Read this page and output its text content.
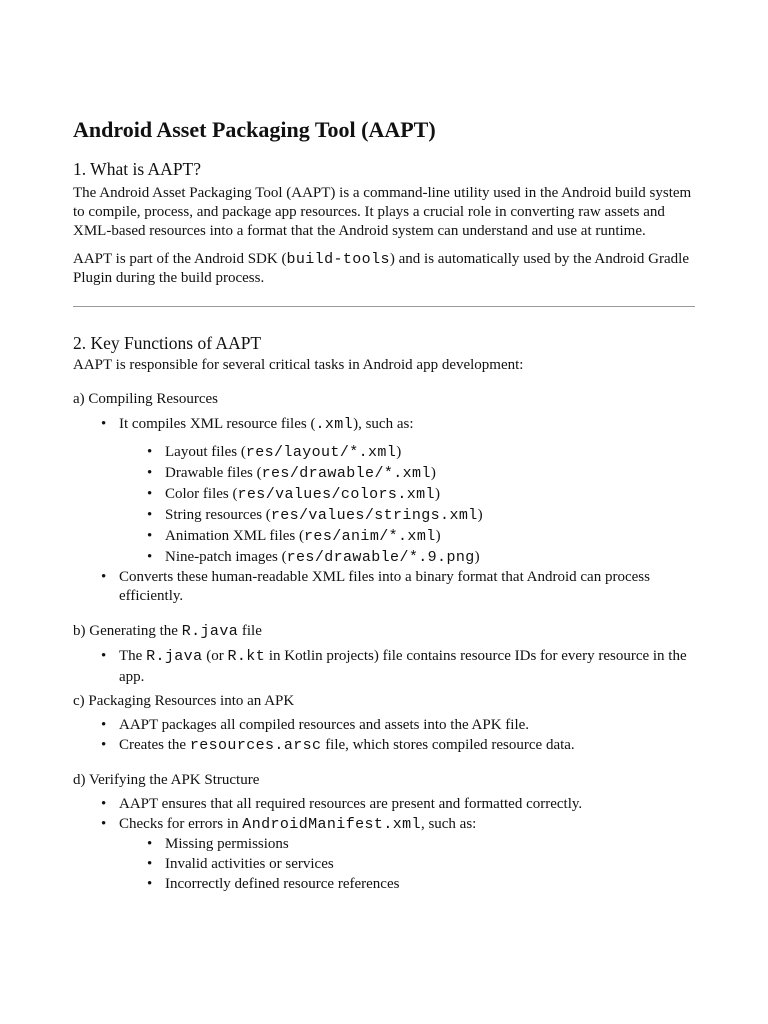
Android Asset Packaging Tool (AAPT)
1. What is AAPT?

The Android Asset Packaging Tool (AAPT) is a command-line utility used in the Android build system to compile, process, and package app resources. It plays a crucial role in converting raw assets and XML-based resources into a format that the Android system can understand and use at runtime.

AAPT is part of the Android SDK (build-tools) and is automatically used by the Android Gradle Plugin during the build process.

2. Key Functions of AAPT

AAPT is responsible for several critical tasks in Android app development:

a) Compiling Resources
• It compiles XML resource files (.xml), such as:
• Layout files (res/layout/*.xml)
• Drawable files (res/drawable/*.xml)
• Color files (res/values/colors.xml)
• String resources (res/values/strings.xml)
• Animation XML files (res/anim/*.xml)
• Nine-patch images (res/drawable/*.9.png)
• Converts these human-readable XML files into a binary format that Android can process efficiently.
b) Generating the R.java file
• The R.java (or R.kt in Kotlin projects) file contains resource IDs for every resource in the app.
c) Packaging Resources into an APK
• AAPT packages all compiled resources and assets into the APK file.
• Creates the resources.arsc file, which stores compiled resource data.
d) Verifying the APK Structure
• AAPT ensures that all required resources are present and formatted correctly.
• Checks for errors in AndroidManifest.xml, such as:
• Missing permissions
• Invalid activities or services
• Incorrectly defined resource references
